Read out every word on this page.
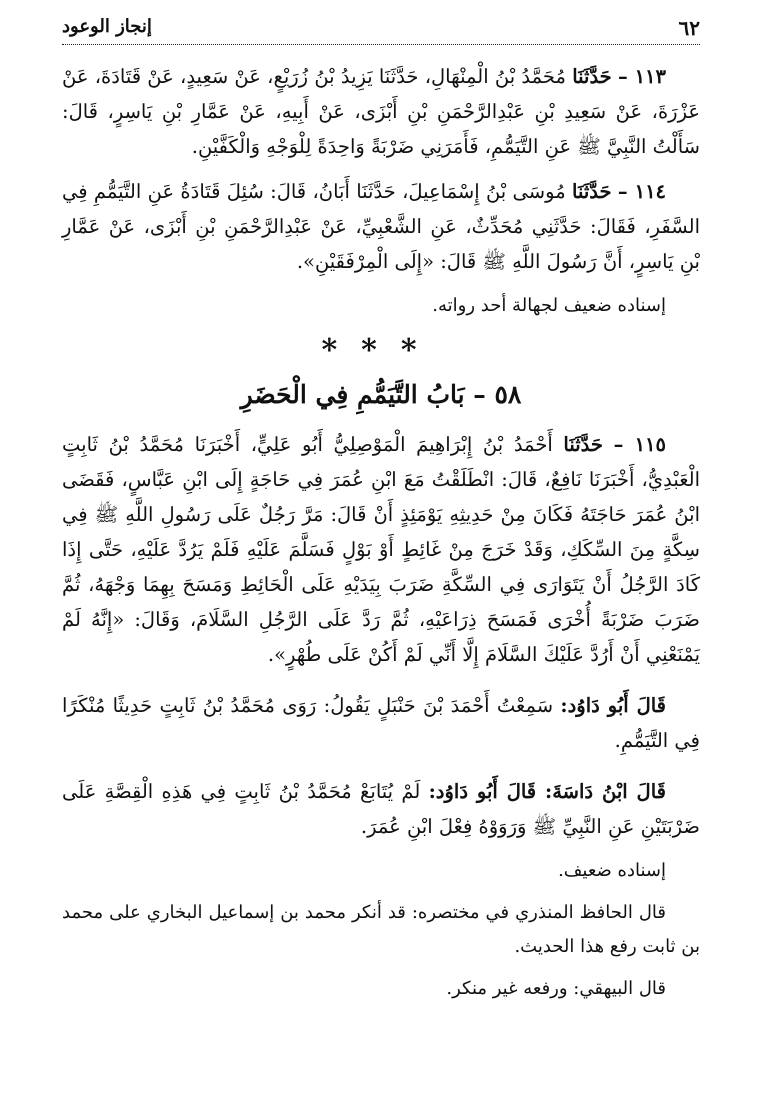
٦٢
إنجاز الوعود

١١٣ – حَدَّثَنَا مُحَمَّدُ بْنُ الْمِنْهَالِ، حَدَّثَنَا يَزِيدُ بْنُ زُرَيْعٍ، عَنْ سَعِيدٍ، عَنْ قَتَادَةَ، عَنْ عَزْرَةَ، عَنْ سَعِيدِ بْنِ عَبْدِالرَّحْمَنِ بْنِ أَبْزَى، عَنْ أَبِيهِ، عَنْ عَمَّارِ بْنِ يَاسِرٍ، قَالَ: سَأَلْتُ النَّبِيَّ ﷺ عَنِ التَّيَمُّمِ، فَأَمَرَنِي ضَرْبَةً وَاحِدَةً لِلْوَجْهِ وَالْكَفَّيْنِ.

١١٤ – حَدَّثَنَا مُوسَى بْنُ إِسْمَاعِيلَ، حَدَّثَنَا أَبَانُ، قَالَ: سُئِلَ قَتَادَةُ عَنِ التَّيَمُّمِ فِي السَّفَرِ، فَقَالَ: حَدَّثَنِي مُحَدِّثٌ، عَنِ الشَّعْبِيِّ، عَنْ عَبْدِالرَّحْمَنِ بْنِ أَبْزَى، عَنْ عَمَّارِ بْنِ يَاسِرٍ، أَنَّ رَسُولَ اللَّهِ ﷺ قَالَ: «إِلَى الْمِرْفَقَيْنِ».

إسناده ضعيف لجهالة أحد رواته.

***
٥٨ – بَابُ التَّيَمُّمِ فِي الْحَضَرِ

١١٥ – حَدَّثَنَا أَحْمَدُ بْنُ إِبْرَاهِيمَ الْمَوْصِلِيُّ أَبُو عَلِيٍّ، أَخْبَرَنَا مُحَمَّدُ بْنُ ثَابِتٍ الْعَبْدِيُّ، أَخْبَرَنَا نَافِعٌ، قَالَ: انْطَلَقْتُ مَعَ ابْنِ عُمَرَ فِي حَاجَةٍ إِلَى ابْنِ عَبَّاسٍ، فَقَضَى ابْنُ عُمَرَ حَاجَتَهُ فَكَانَ مِنْ حَدِيثِهِ يَوْمَئِذٍ أَنْ قَالَ: مَرَّ رَجُلٌ عَلَى رَسُولِ اللَّهِ ﷺ فِي سِكَّةٍ مِنَ السِّكَكِ، وَقَدْ خَرَجَ مِنْ غَائِطٍ أَوْ بَوْلٍ فَسَلَّمَ عَلَيْهِ فَلَمْ يَرُدَّ عَلَيْهِ، حَتَّى إِذَا كَادَ الرَّجُلُ أَنْ يَتَوَارَى فِي السِّكَّةِ ضَرَبَ بِيَدَيْهِ عَلَى الْحَائِطِ وَمَسَحَ بِهِمَا وَجْهَهُ، ثُمَّ ضَرَبَ ضَرْبَةً أُخْرَى فَمَسَحَ ذِرَاعَيْهِ، ثُمَّ رَدَّ عَلَى الرَّجُلِ السَّلَامَ، وَقَالَ: «إِنَّهُ لَمْ يَمْنَعْنِي أَنْ أَرُدَّ عَلَيْكَ السَّلَامَ إِلَّا أَنِّي لَمْ أَكُنْ عَلَى طُهْرٍ».

قَالَ أَبُو دَاوُد: سَمِعْتُ أَحْمَدَ بْنَ حَنْبَلٍ يَقُولُ: رَوَى مُحَمَّدُ بْنُ ثَابِتٍ حَدِيثًا مُنْكَرًا فِي التَّيَمُّمِ.

قَالَ ابْنُ دَاسَةَ: قَالَ أَبُو دَاوُد: لَمْ يُتَابَعْ مُحَمَّدُ بْنُ ثَابِتٍ فِي هَذِهِ الْقِصَّةِ عَلَى ضَرْبَتَيْنِ عَنِ النَّبِيِّ ﷺ وَرَوَوْهُ فِعْلَ ابْنِ عُمَرَ.

إسناده ضعيف.

قال الحافظ المنذري في مختصره: قد أنكر محمد بن إسماعيل البخاري على محمد بن ثابت رفع هذا الحديث.

قال البيهقي: ورفعه غير منكر.
